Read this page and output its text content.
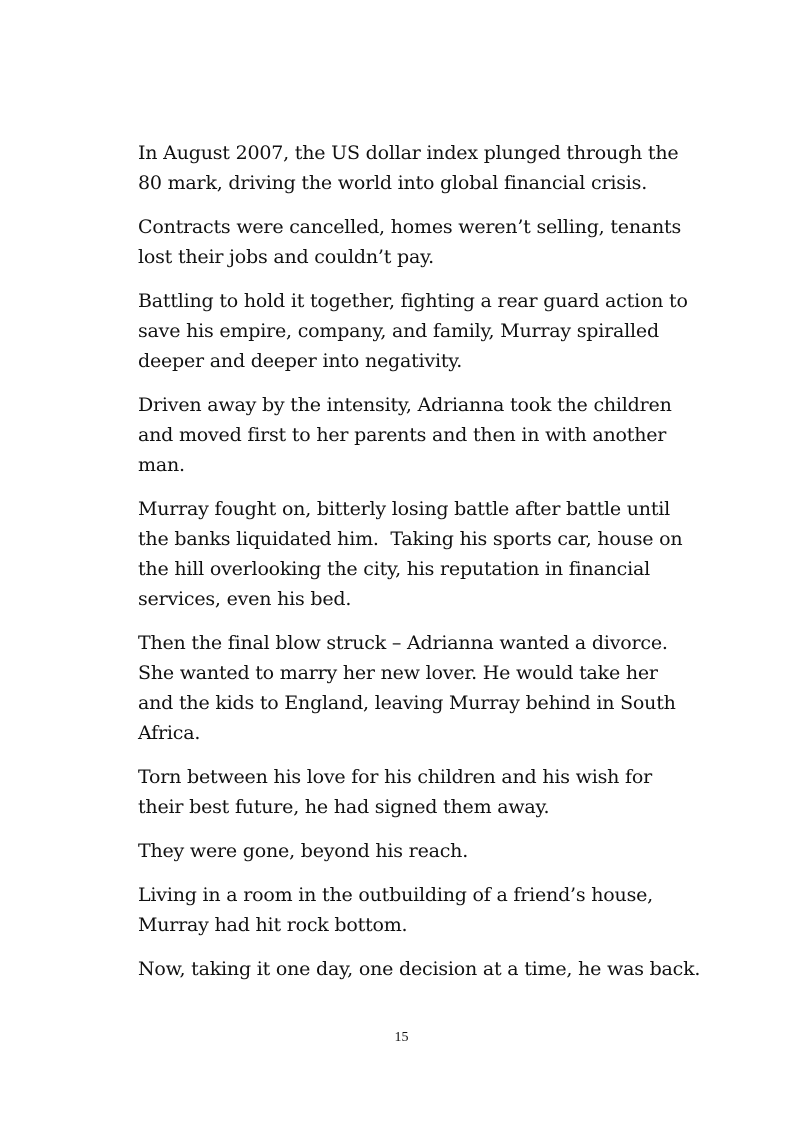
In August 2007, the US dollar index plunged through the
80 mark, driving the world into global financial crisis.

Contracts were cancelled, homes weren’t selling, tenants
lost their jobs and couldn’t pay.

Battling to hold it together, fighting a rear guard action to
save his empire, company, and family, Murray spiralled
deeper and deeper into negativity.

Driven away by the intensity, Adrianna took the children
and moved first to her parents and then in with another
man.

Murray fought on, bitterly losing battle after battle until
the banks liquidated him.  Taking his sports car, house on
the hill overlooking the city, his reputation in financial
services, even his bed.

Then the final blow struck – Adrianna wanted a divorce.
She wanted to marry her new lover. He would take her
and the kids to England, leaving Murray behind in South
Africa.

Torn between his love for his children and his wish for
their best future, he had signed them away.

They were gone, beyond his reach.

Living in a room in the outbuilding of a friend’s house,
Murray had hit rock bottom.

Now, taking it one day, one decision at a time, he was back.

15
